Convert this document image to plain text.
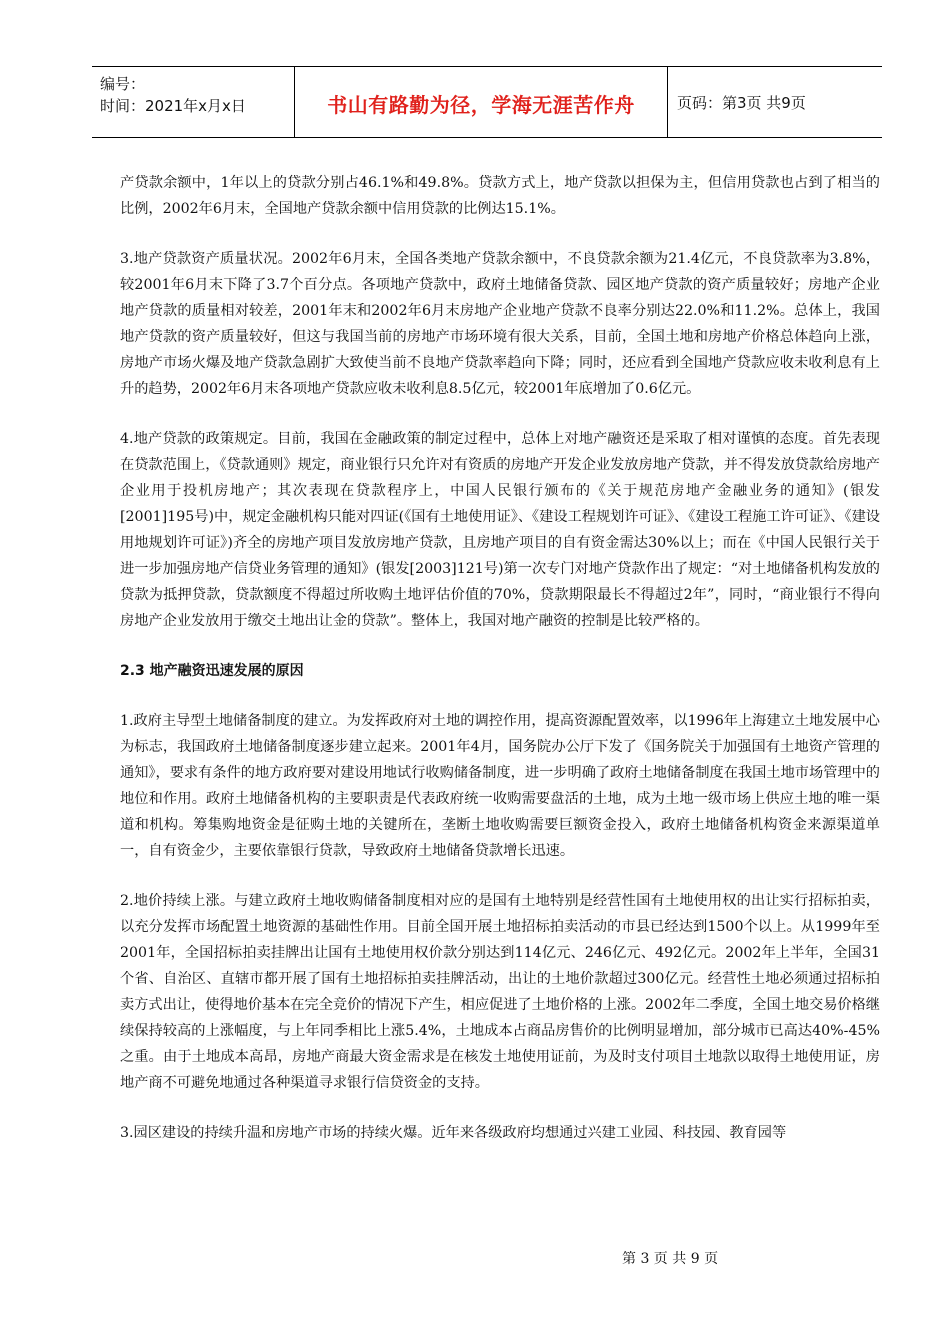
编号：
时间：2021年x月x日	书山有路勤为径，学海无涯苦作舟	页码：第3页 共9页

产贷款余额中，1年以上的贷款分别占46.1%和49.8%。贷款方式上，地产贷款以担保为主，但信用贷款也占到了相当的比例，2002年6月末，全国地产贷款余额中信用贷款的比例达15.1%。

3.地产贷款资产质量状况。2002年6月末，全国各类地产贷款余额中，不良贷款余额为21.4亿元，不良贷款率为3.8%，较2001年6月末下降了3.7个百分点。各项地产贷款中，政府土地储备贷款、园区地产贷款的资产质量较好；房地产企业地产贷款的质量相对较差，2001年末和2002年6月末房地产企业地产贷款不良率分别达22.0%和11.2%。总体上，我国地产贷款的资产质量较好，但这与我国当前的房地产市场环境有很大关系，目前，全国土地和房地产价格总体趋向上涨，房地产市场火爆及地产贷款急剧扩大致使当前不良地产贷款率趋向下降；同时，还应看到全国地产贷款应收未收利息有上升的趋势，2002年6月末各项地产贷款应收未收利息8.5亿元，较2001年底增加了0.6亿元。

4.地产贷款的政策规定。目前，我国在金融政策的制定过程中，总体上对地产融资还是采取了相对谨慎的态度。首先表现在贷款范围上，《贷款通则》规定，商业银行只允许对有资质的房地产开发企业发放房地产贷款，并不得发放贷款给房地产企业用于投机房地产；其次表现在贷款程序上，中国人民银行颁布的《关于规范房地产金融业务的通知》(银发[2001]195号)中，规定金融机构只能对四证(《国有土地使用证》、《建设工程规划许可证》、《建设工程施工许可证》、《建设用地规划许可证》)齐全的房地产项目发放房地产贷款，且房地产项目的自有资金需达30%以上；而在《中国人民银行关于进一步加强房地产信贷业务管理的通知》(银发[2003]121号)第一次专门对地产贷款作出了规定：“对土地储备机构发放的贷款为抵押贷款，贷款额度不得超过所收购土地评估价值的70%，贷款期限最长不得超过2年”，同时，“商业银行不得向房地产企业发放用于缴交土地出让金的贷款”。整体上，我国对地产融资的控制是比较严格的。

2.3 地产融资迅速发展的原因

1.政府主导型土地储备制度的建立。为发挥政府对土地的调控作用，提高资源配置效率，以1996年上海建立土地发展中心为标志，我国政府土地储备制度逐步建立起来。2001年4月，国务院办公厅下发了《国务院关于加强国有土地资产管理的通知》，要求有条件的地方政府要对建设用地试行收购储备制度，进一步明确了政府土地储备制度在我国土地市场管理中的地位和作用。政府土地储备机构的主要职责是代表政府统一收购需要盘活的土地，成为土地一级市场上供应土地的唯一渠道和机构。筹集购地资金是征购土地的关键所在，垄断土地收购需要巨额资金投入，政府土地储备机构资金来源渠道单一，自有资金少，主要依靠银行贷款，导致政府土地储备贷款增长迅速。

2.地价持续上涨。与建立政府土地收购储备制度相对应的是国有土地特别是经营性国有土地使用权的出让实行招标拍卖，以充分发挥市场配置土地资源的基础性作用。目前全国开展土地招标拍卖活动的市县已经达到1500个以上。从1999年至2001年，全国招标拍卖挂牌出让国有土地使用权价款分别达到114亿元、246亿元、492亿元。2002年上半年，全国31个省、自治区、直辖市都开展了国有土地招标拍卖挂牌活动，出让的土地价款超过300亿元。经营性土地必须通过招标拍卖方式出让，使得地价基本在完全竞价的情况下产生，相应促进了土地价格的上涨。2002年二季度，全国土地交易价格继续保持较高的上涨幅度，与上年同季相比上涨5.4%，土地成本占商品房售价的比例明显增加，部分城市已高达40%-45%之重。由于土地成本高昂，房地产商最大资金需求是在核发土地使用证前，为及时支付项目土地款以取得土地使用证，房地产商不可避免地通过各种渠道寻求银行信贷资金的支持。

3.园区建设的持续升温和房地产市场的持续火爆。近年来各级政府均想通过兴建工业园、科技园、教育园等

第 3 页 共 9 页
